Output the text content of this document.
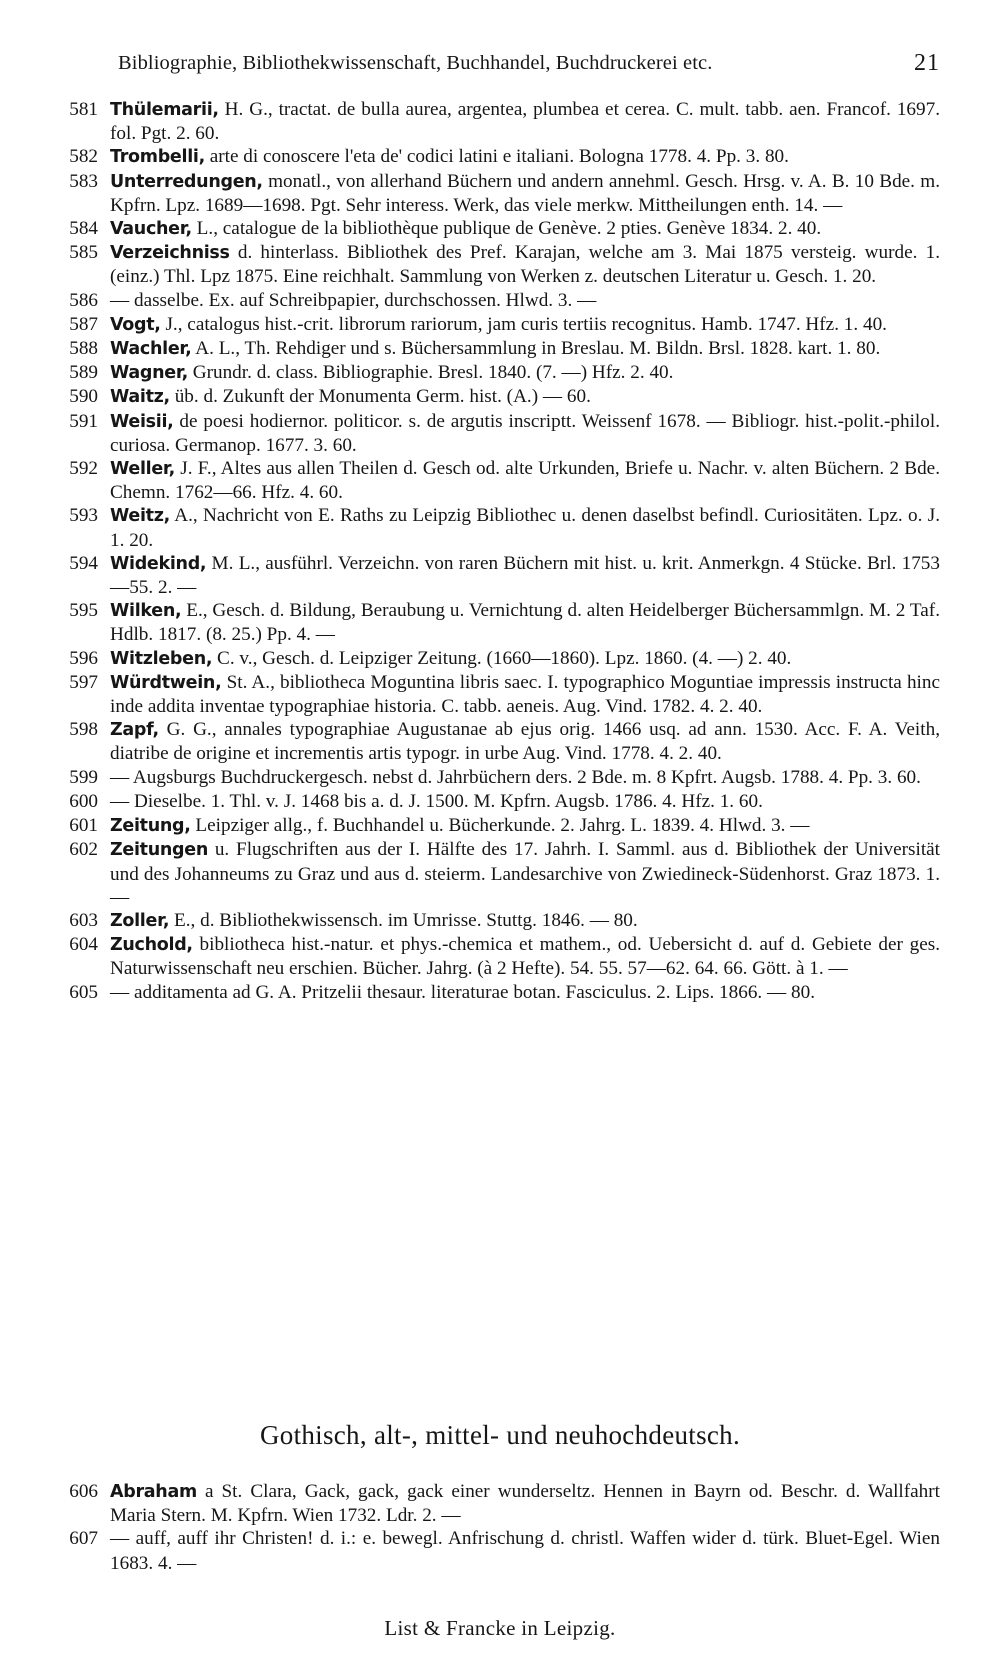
Bibliographie, Bibliothekwissenschaft, Buchhandel, Buchdruckerei etc.	21
581 Thülemarii, H. G., tractat. de bulla aurea, argentea, plumbea et cerea. C. mult. tabb. aen. Francof. 1697. fol. Pgt. 2. 60.
582 Trombelli, arte di conoscere l'eta de' codici latini e italiani. Bologna 1778. 4. Pp. 3. 80.
583 Unterredungen, monatl., von allerhand Büchern und andern annehml. Gesch. Hrsg. v. A. B. 10 Bde. m. Kpfrn. Lpz. 1689—1698. Pgt. Sehr interess. Werk, das viele merkw. Mittheilungen enth. 14. —
584 Vaucher, L., catalogue de la bibliothèque publique de Genève. 2 pties. Genève 1834. 2. 40.
585 Verzeichniss d. hinterlass. Bibliothek des Pref. Karajan, welche am 3. Mai 1875 versteig. wurde. 1. (einz.) Thl. Lpz 1875. Eine reichhalt. Sammlung von Werken z. deutschen Literatur u. Gesch. 1. 20.
586 — dasselbe. Ex. auf Schreibpapier, durchschossen. Hlwd. 3. —
587 Vogt, J., catalogus hist.-crit. librorum rariorum, jam curis tertiis recognitus. Hamb. 1747. Hfz. 1. 40.
588 Wachler, A. L., Th. Rehdiger und s. Büchersammlung in Breslau. M. Bildn. Brsl. 1828. kart. 1. 80.
589 Wagner, Grundr. d. class. Bibliographie. Bresl. 1840. (7. —) Hfz. 2. 40.
590 Waitz, üb. d. Zukunft der Monumenta Germ. hist. (A.) — 60.
591 Weisii, de poesi hodiernor. politicor. s. de argutis inscriptt. Weissenf 1678. — Bibliogr. hist.-polit.-philol. curiosa. Germanop. 1677. 3. 60.
592 Weller, J. F., Altes aus allen Theilen d. Gesch od. alte Urkunden, Briefe u. Nachr. v. alten Büchern. 2 Bde. Chemn. 1762—66. Hfz. 4. 60.
593 Weitz, A., Nachricht von E. Raths zu Leipzig Bibliothec u. denen daselbst befindl. Curiositäten. Lpz. o. J. 1. 20.
594 Widekind, M. L., ausführl. Verzeichn. von raren Büchern mit hist. u. krit. Anmerkgn. 4 Stücke. Brl. 1753—55. 2. —
595 Wilken, E., Gesch. d. Bildung, Beraubung u. Vernichtung d. alten Heidelberger Büchersammlgn. M. 2 Taf. Hdlb. 1817. (8. 25.) Pp. 4. —
596 Witzleben, C. v., Gesch. d. Leipziger Zeitung. (1660—1860). Lpz. 1860. (4. —) 2. 40.
597 Würdtwein, St. A., bibliotheca Moguntina libris saec. I. typographico Moguntiae impressis instructa hinc inde addita inventae typographiae historia. C. tabb. aeneis. Aug. Vind. 1782. 4. 2. 40.
598 Zapf, G. G., annales typographiae Augustanae ab ejus orig. 1466 usq. ad ann. 1530. Acc. F. A. Veith, diatribe de origine et incrementis artis typogr. in urbe Aug. Vind. 1778. 4. 2. 40.
599 — Augsburgs Buchdruckergesch. nebst d. Jahrbüchern ders. 2 Bde. m. 8 Kpfrt. Augsb. 1788. 4. Pp. 3. 60.
600 — Dieselbe. 1. Thl. v. J. 1468 bis a. d. J. 1500. M. Kpfrn. Augsb. 1786. 4. Hfz. 1. 60.
601 Zeitung, Leipziger allg., f. Buchhandel u. Bücherkunde. 2. Jahrg. L. 1839. 4. Hlwd. 3. —
602 Zeitungen u. Flugschriften aus der I. Hälfte des 17. Jahrh. I. Samml. aus d. Bibliothek der Universität und des Johanneums zu Graz und aus d. steierm. Landesarchive von Zwiedineck-Südenhorst. Graz 1873. 1. —
603 Zoller, E., d. Bibliothekwissensch. im Umrisse. Stuttg. 1846. — 80.
604 Zuchold, bibliotheca hist.-natur. et phys.-chemica et mathem., od. Uebersicht d. auf d. Gebiete der ges. Naturwissenschaft neu erschien. Bücher. Jahrg. (à 2 Hefte). 54. 55. 57—62. 64. 66. Gött. à 1. —
605 — additamenta ad G. A. Pritzelii thesaur. literaturae botan. Fasciculus. 2. Lips. 1866. — 80.
Gothisch, alt-, mittel- und neuhochdeutsch.
606 Abraham a St. Clara, Gack, gack, gack einer wunderseltz. Hennen in Bayrn od. Beschr. d. Wallfahrt Maria Stern. M. Kpfrn. Wien 1732. Ldr. 2. —
607 — auff, auff ihr Christen! d. i.: e. bewegl. Anfrischung d. christl. Waffen wider d. türk. Bluet-Egel. Wien 1683. 4. —
List & Francke in Leipzig.
